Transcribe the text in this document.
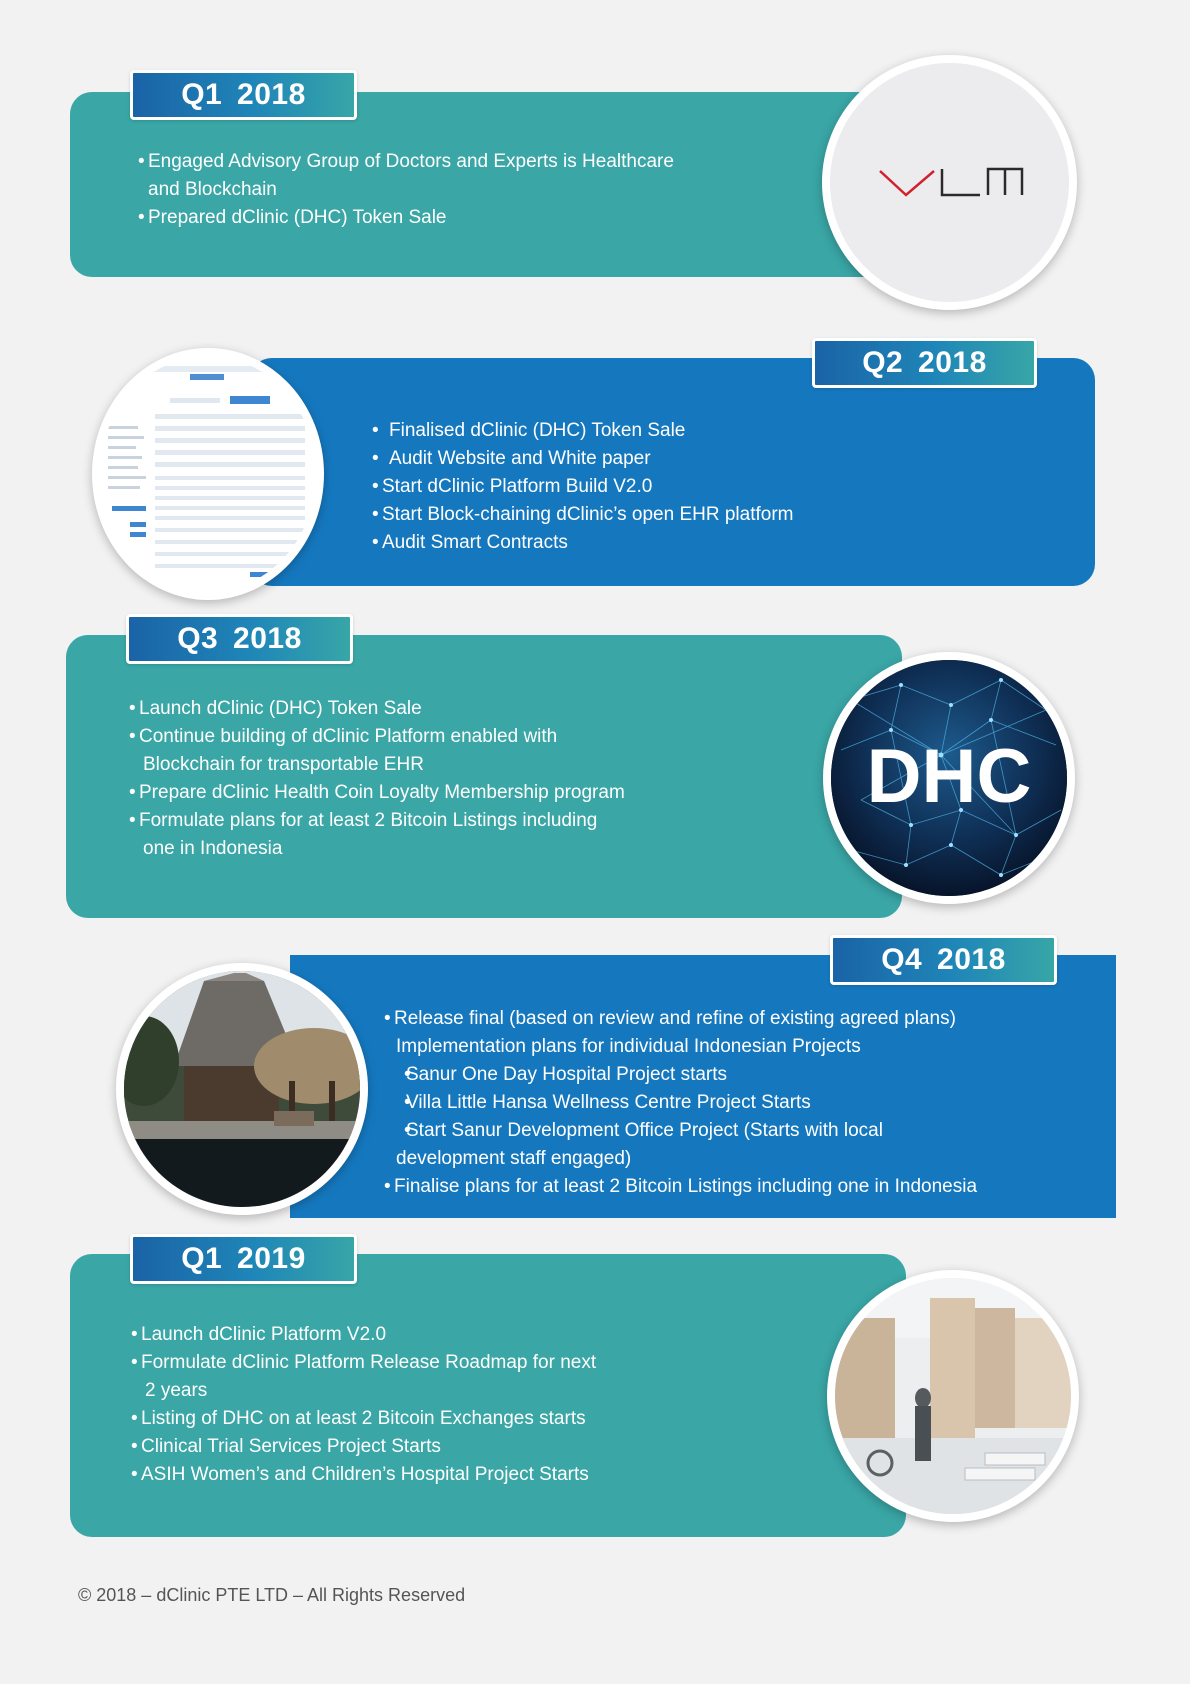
Q1 2018
• Engaged Advisory Group of Doctors and Experts is Healthcare
and Blockchain
• Prepared dClinic (DHC) Token Sale
Q2 2018
• Finalised dClinic (DHC) Token Sale
• Audit Website and White paper
• Start dClinic Platform Build V2.0
• Start Block-chaining dClinic’s open EHR platform
• Audit Smart Contracts
DHC
Q3 2018
• Launch dClinic (DHC) Token Sale
• Continue building of dClinic Platform enabled with
Blockchain for transportable EHR
• Prepare dClinic Health Coin Loyalty Membership program
• Formulate plans for at least 2 Bitcoin Listings including
one in Indonesia
Q4 2018
• Release final (based on review and refine of existing agreed plans)
Implementation plans for individual Indonesian Projects
• Sanur One Day Hospital Project starts
• Villa Little Hansa Wellness Centre Project Starts
• Start Sanur Development Office Project (Starts with local
development staff engaged)
• Finalise plans for at least 2 Bitcoin Listings including one in Indonesia
Q1 2019
• Launch dClinic Platform V2.0
• Formulate dClinic Platform Release Roadmap for next
2 years
• Listing of DHC on at least 2 Bitcoin Exchanges starts
• Clinical Trial Services Project Starts
• ASIH Women’s and Children’s Hospital Project Starts
© 2018 – dClinic PTE LTD – All Rights Reserved
